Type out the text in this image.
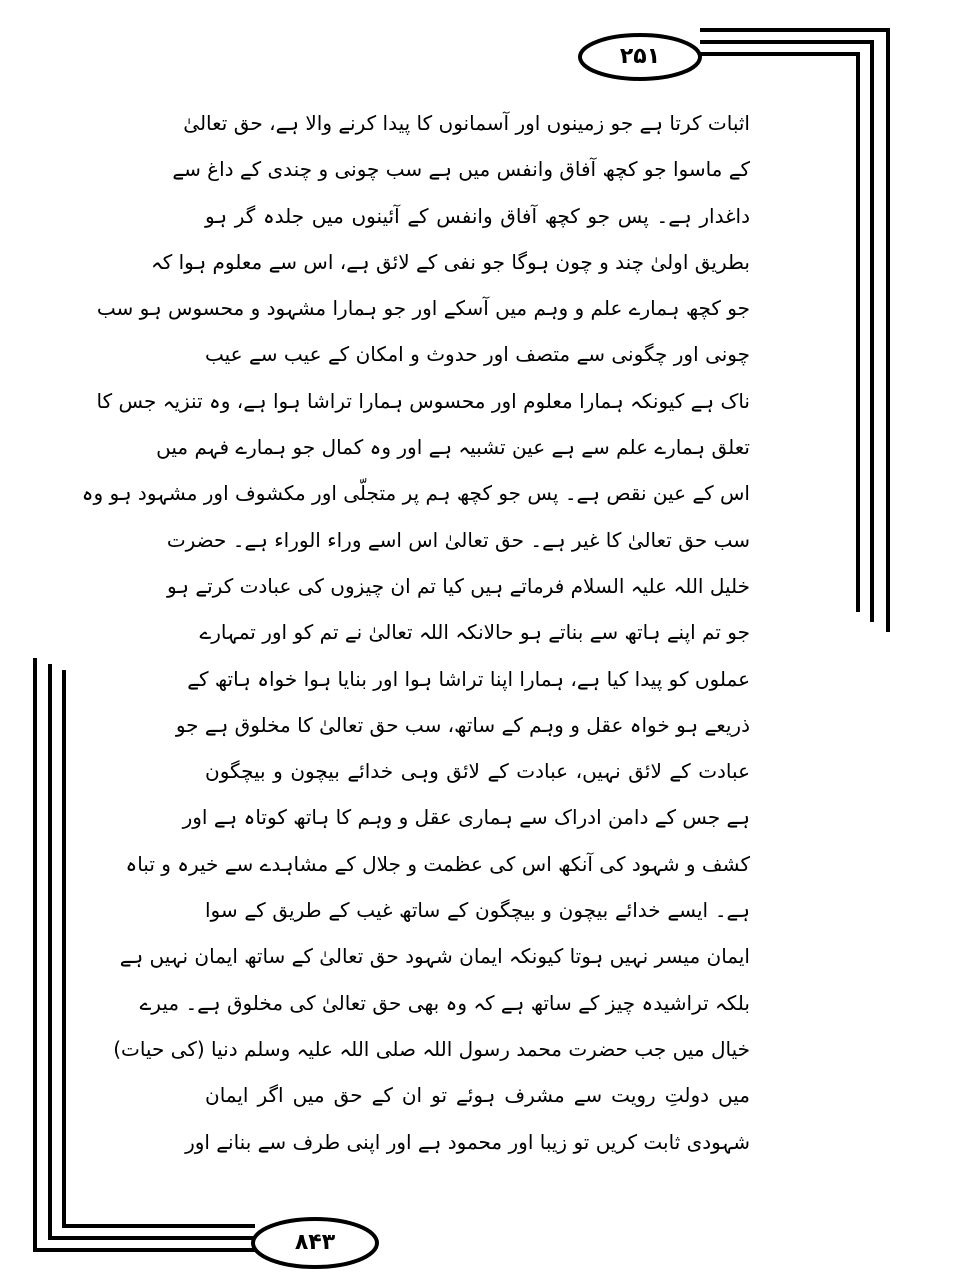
۲۵۱
۸۴۳
اثبات کرتا ہے جو زمینوں اور آسمانوں کا پیدا کرنے والا ہے، حق تعالیٰ
کے ماسوا جو کچھ آفاق وانفس میں ہے سب چونی و چندی کے داغ سے
داغدار ہے۔ پس جو کچھ آفاق وانفس کے آئینوں میں جلدہ گر ہو
بطریق اولیٰ چند و چون ہوگا جو نفی کے لائق ہے، اس سے معلوم ہوا کہ
جو کچھ ہمارے علم و وہم میں آسکے اور جو ہمارا مشہود و محسوس ہو سب
چونی اور چگونی سے متصف اور حدوث و امکان کے عیب سے عیب
ناک ہے کیونکہ ہمارا معلوم اور محسوس ہمارا تراشا ہوا ہے، وہ تنزیہ جس کا
تعلق ہمارے علم سے ہے عین تشبیہ ہے اور وہ کمال جو ہمارے فہم میں
اس کے عین نقص ہے۔ پس جو کچھ ہم پر متجلّی اور مکشوف اور مشہود ہو وہ
سب حق تعالیٰ کا غیر ہے۔ حق تعالیٰ اس اسے وراء الوراء ہے۔ حضرت
خلیل اللہ علیہ السلام فرماتے ہیں کیا تم ان چیزوں کی عبادت کرتے ہو
جو تم اپنے ہاتھ سے بناتے ہو حالانکہ اللہ تعالیٰ نے تم کو اور تمہارے
عملوں کو پیدا کیا ہے، ہمارا اپنا تراشا ہوا اور بنایا ہوا خواہ ہاتھ کے
ذریعے ہو خواہ عقل و وہم کے ساتھ، سب حق تعالیٰ کا مخلوق ہے جو
عبادت کے لائق نہیں، عبادت کے لائق وہی خدائے بیچون و بیچگون
ہے جس کے دامن ادراک سے ہماری عقل و وہم کا ہاتھ کوتاہ ہے اور
کشف و شہود کی آنکھ اس کی عظمت و جلال کے مشاہدے سے خیرہ و تباہ
ہے۔ ایسے خدائے بیچون و بیچگون کے ساتھ غیب کے طریق کے سوا
ایمان میسر نہیں ہوتا کیونکہ ایمان شہود حق تعالیٰ کے ساتھ ایمان نہیں ہے
بلکہ تراشیدہ چیز کے ساتھ ہے کہ وہ بھی حق تعالیٰ کی مخلوق ہے۔ میرے
خیال میں جب حضرت محمد رسول اللہ صلی اللہ علیہ وسلم دنیا (کی حیات)
میں دولتِ رویت سے مشرف ہوئے تو ان کے حق میں اگر ایمان
شہودی ثابت کریں تو زیبا اور محمود ہے اور اپنی طرف سے بنانے اور
